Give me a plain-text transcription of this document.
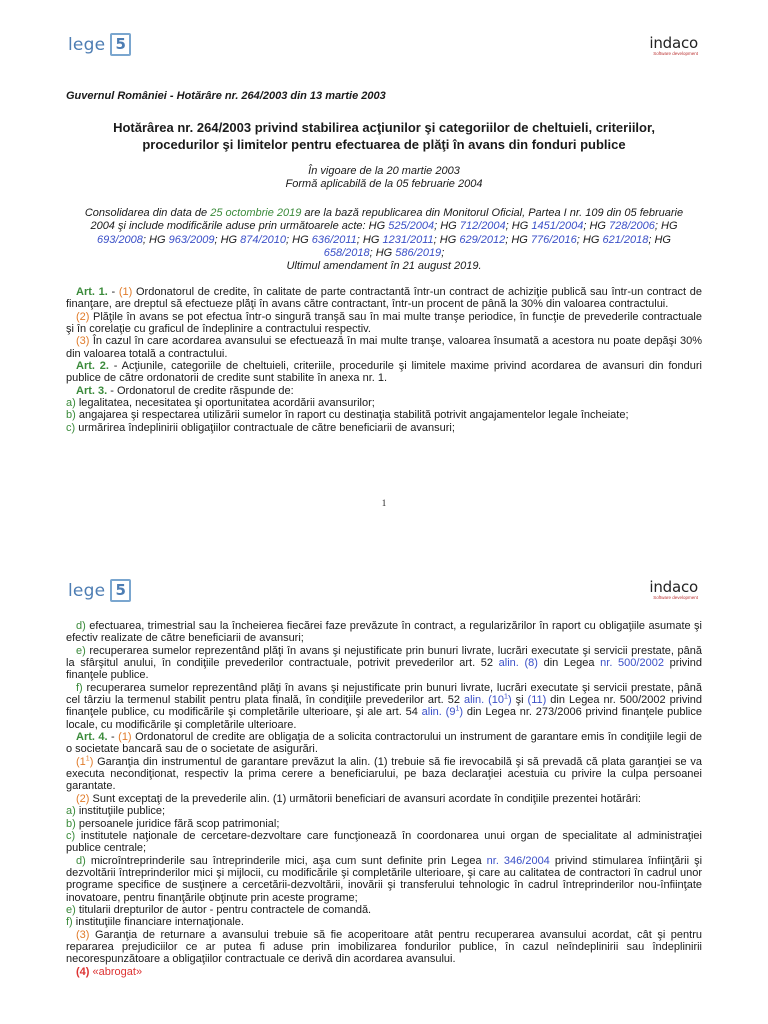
lege 5	indaco
Software development
Guvernul României - Hotărâre nr. 264/2003 din 13 martie 2003
Hotărârea nr. 264/2003 privind stabilirea acţiunilor şi categoriilor de cheltuieli, criteriilor,
procedurilor şi limitelor pentru efectuarea de plăţi în avans din fonduri publice
În vigoare de la 20 martie 2003
Formă aplicabilă de la 05 februarie 2004
Consolidarea din data de 25 octombrie 2019 are la bază republicarea din Monitorul Oficial, Partea I nr. 109 din 05 februarie 2004 şi include modificările aduse prin următoarele acte: HG 525/2004; HG 712/2004; HG 1451/2004; HG 728/2006; HG 693/2008; HG 963/2009; HG 874/2010; HG 636/2011; HG 1231/2011; HG 629/2012; HG 776/2016; HG 621/2018; HG 658/2018; HG 586/2019;
Ultimul amendament în 21 august 2019.

Art. 1. - (1) Ordonatorul de credite, în calitate de parte contractantă într-un contract de achiziţie publică sau într-un contract de finanţare, are dreptul să efectueze plăţi în avans către contractant, într-un procent de până la 30% din valoarea contractului.

(2) Plăţile în avans se pot efectua într-o singură tranşă sau în mai multe tranşe periodice, în funcţie de prevederile contractuale şi în corelaţie cu graficul de îndeplinire a contractului respectiv.

(3) În cazul în care acordarea avansului se efectuează în mai multe tranşe, valoarea însumată a acestora nu poate depăşi 30% din valoarea totală a contractului.

Art. 2. - Acţiunile, categoriile de cheltuieli, criteriile, procedurile şi limitele maxime privind acordarea de avansuri din fonduri publice de către ordonatorii de credite sunt stabilite în anexa nr. 1.

Art. 3. - Ordonatorul de credite răspunde de:

a) legalitatea, necesitatea şi oportunitatea acordării avansurilor;

b) angajarea şi respectarea utilizării sumelor în raport cu destinaţia stabilită potrivit angajamentelor legale încheiate;

c) urmărirea îndeplinirii obligaţiilor contractuale de către beneficiarii de avansuri;

1
lege 5	indaco
Software development

d) efectuarea, trimestrial sau la încheierea fiecărei faze prevăzute în contract, a regularizărilor în raport cu obligaţiile asumate şi efectiv realizate de către beneficiarii de avansuri;

e) recuperarea sumelor reprezentând plăţi în avans şi nejustificate prin bunuri livrate, lucrări executate şi servicii prestate, până la sfârşitul anului, în condiţiile prevederilor contractuale, potrivit prevederilor art. 52 alin. (8) din Legea nr. 500/2002 privind finanţele publice.

f) recuperarea sumelor reprezentând plăţi în avans şi nejustificate prin bunuri livrate, lucrări executate şi servicii prestate, până cel târziu la termenul stabilit pentru plata finală, în condiţiile prevederilor art. 52 alin. $(10^1)$ şi (11) din Legea nr. 500/2002 privind finanţele publice, cu modificările şi completările ulterioare, şi ale art. 54 alin. $(9^1)$ din Legea nr. 273/2006 privind finanţele publice locale, cu modificările şi completările ulterioare.

Art. 4. - (1) Ordonatorul de credite are obligaţia de a solicita contractorului un instrument de garantare emis în condiţiile legii de o societate bancară sau de o societate de asigurări.

$(1^1)$ Garanţia din instrumentul de garantare prevăzut la alin. (1) trebuie să fie irevocabilă şi să prevadă că plata garanţiei se va executa necondiţionat, respectiv la prima cerere a beneficiarului, pe baza declaraţiei acestuia cu privire la culpa persoanei garantate.

(2) Sunt exceptaţi de la prevederile alin. (1) următorii beneficiari de avansuri acordate în condiţiile prezentei hotărâri:

a) instituţiile publice;

b) persoanele juridice fără scop patrimonial;

c) institutele naţionale de cercetare-dezvoltare care funcţionează în coordonarea unui organ de specialitate al administraţiei publice centrale;

d) microîntreprinderile sau întreprinderile mici, aşa cum sunt definite prin Legea nr. 346/2004 privind stimularea înfiinţării şi dezvoltării întreprinderilor mici şi mijlocii, cu modificările şi completările ulterioare, şi care au calitatea de contractori în cadrul unor programe specifice de susţinere a cercetării-dezvoltării, inovării şi transferului tehnologic în cadrul întreprinderilor nou-înfiinţate inovatoare, pentru finanţările obţinute prin aceste programe;

e) titularii drepturilor de autor - pentru contractele de comandă.

f) instituţiile financiare internaţionale.

(3) Garanţia de returnare a avansului trebuie să fie acoperitoare atât pentru recuperarea avansului acordat, cât şi pentru repararea prejudiciilor ce ar putea fi aduse prin imobilizarea fondurilor publice, în cazul neîndeplinirii sau îndeplinirii necorespunzătoare a obligaţiilor contractuale ce derivă din acordarea avansului.

(4) «abrogat»
